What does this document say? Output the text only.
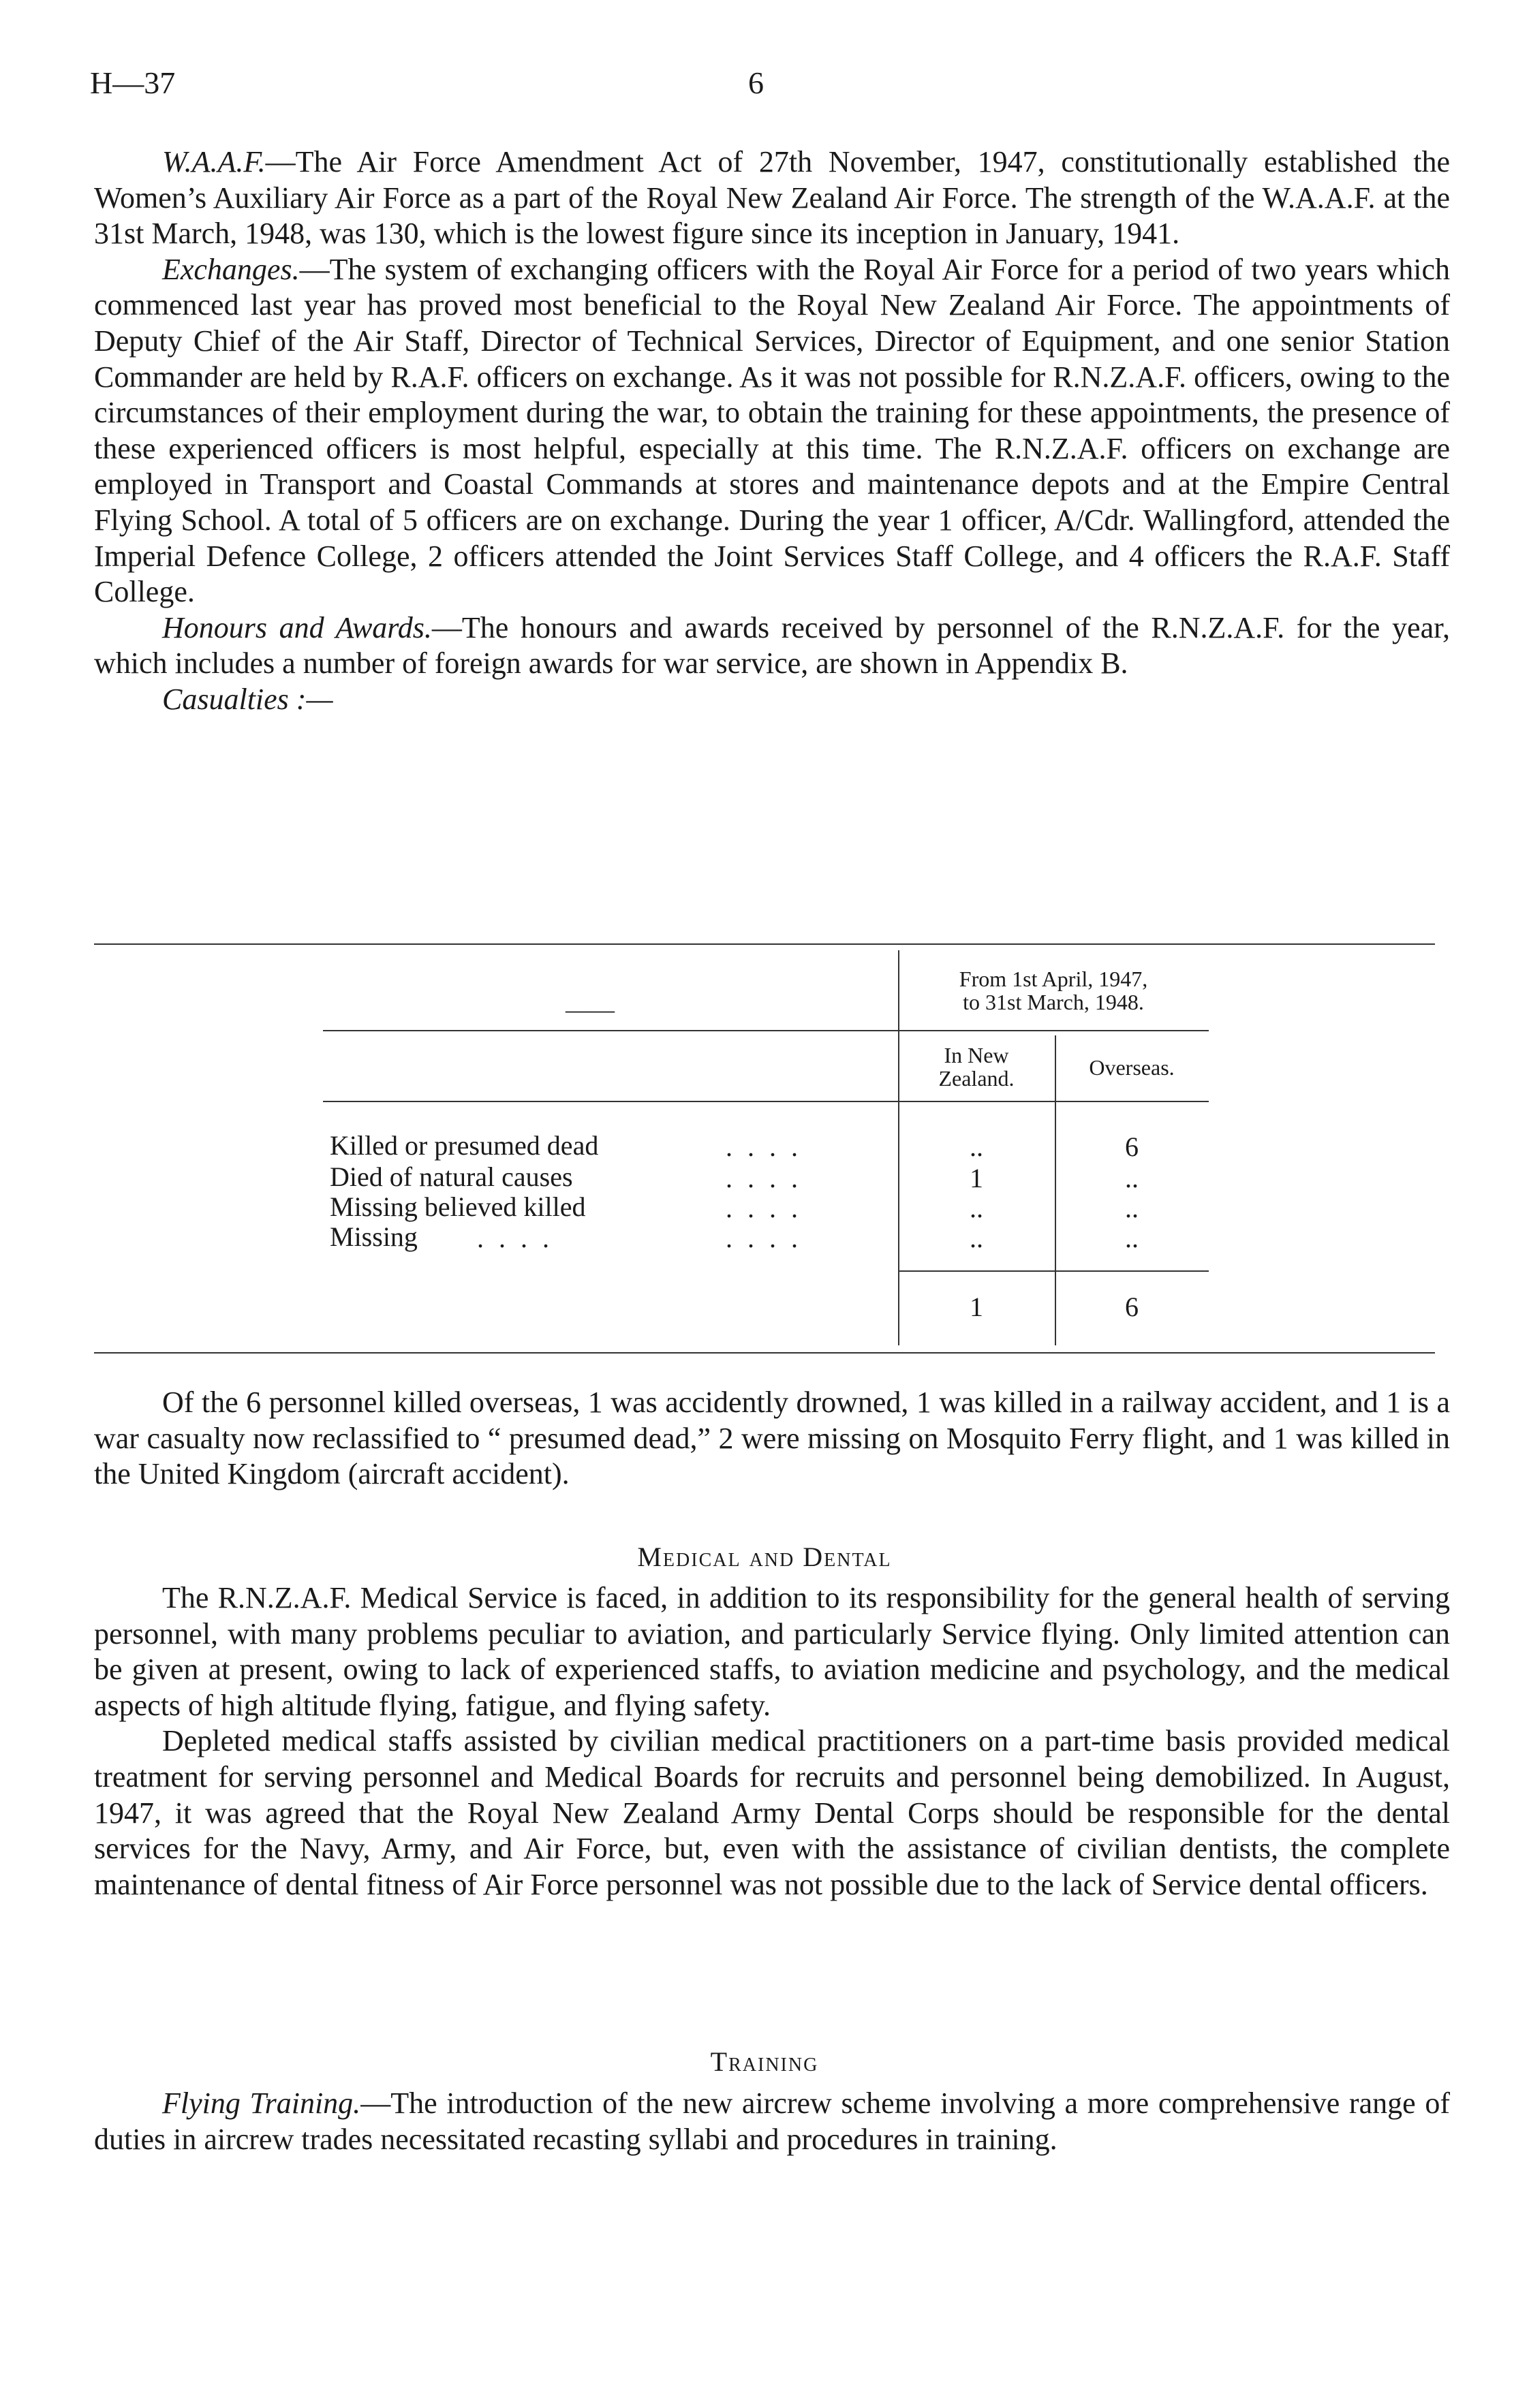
H—37	6

W.A.A.F.—The Air Force Amendment Act of 27th November, 1947, constitutionally established the Women’s Auxiliary Air Force as a part of the Royal New Zealand Air Force. The strength of the W.A.A.F. at the 31st March, 1948, was 130, which is the lowest figure since its inception in January, 1941.

Exchanges.—The system of exchanging officers with the Royal Air Force for a period of two years which commenced last year has proved most beneficial to the Royal New Zealand Air Force. The appointments of Deputy Chief of the Air Staff, Director of Technical Services, Director of Equipment, and one senior Station Commander are held by R.A.F. officers on exchange. As it was not possible for R.N.Z.A.F. officers, owing to the circumstances of their employment during the war, to obtain the training for these appointments, the presence of these experienced officers is most helpful, especially at this time. The R.N.Z.A.F. officers on exchange are employed in Transport and Coastal Commands at stores and maintenance depots and at the Empire Central Flying School. A total of 5 officers are on exchange. During the year 1 officer, A/Cdr. Wallingford, attended the Imperial Defence College, 2 officers attended the Joint Services Staff College, and 4 officers the R.A.F. Staff College.

Honours and Awards.—The honours and awards received by personnel of the R.N.Z.A.F. for the year, which includes a number of foreign awards for war service, are shown in Appendix B.

Casualties :—

——
From 1st April, 1947,
to 31st March, 1948.
In New
Zealand.	Overseas.
Killed or presumed dead	. . . .	..	6
Died of natural causes	. . . .	1	..
Missing believed killed	. . . .	..	..
Missing . . . .	. . . .	..	..
1	6

Of the 6 personnel killed overseas, 1 was accidently drowned, 1 was killed in a railway accident, and 1 is a war casualty now reclassified to “ presumed dead,” 2 were missing on Mosquito Ferry flight, and 1 was killed in the United Kingdom (aircraft accident).

Medical and Dental

The R.N.Z.A.F. Medical Service is faced, in addition to its responsibility for the general health of serving personnel, with many problems peculiar to aviation, and particularly Service flying. Only limited attention can be given at present, owing to lack of experienced staffs, to aviation medicine and psychology, and the medical aspects of high altitude flying, fatigue, and flying safety.

Depleted medical staffs assisted by civilian medical practitioners on a part-time basis provided medical treatment for serving personnel and Medical Boards for recruits and personnel being demobilized. In August, 1947, it was agreed that the Royal New Zealand Army Dental Corps should be responsible for the dental services for the Navy, Army, and Air Force, but, even with the assistance of civilian dentists, the complete maintenance of dental fitness of Air Force personnel was not possible due to the lack of Service dental officers.

Training

Flying Training.—The introduction of the new aircrew scheme involving a more comprehensive range of duties in aircrew trades necessitated recasting syllabi and procedures in training.
